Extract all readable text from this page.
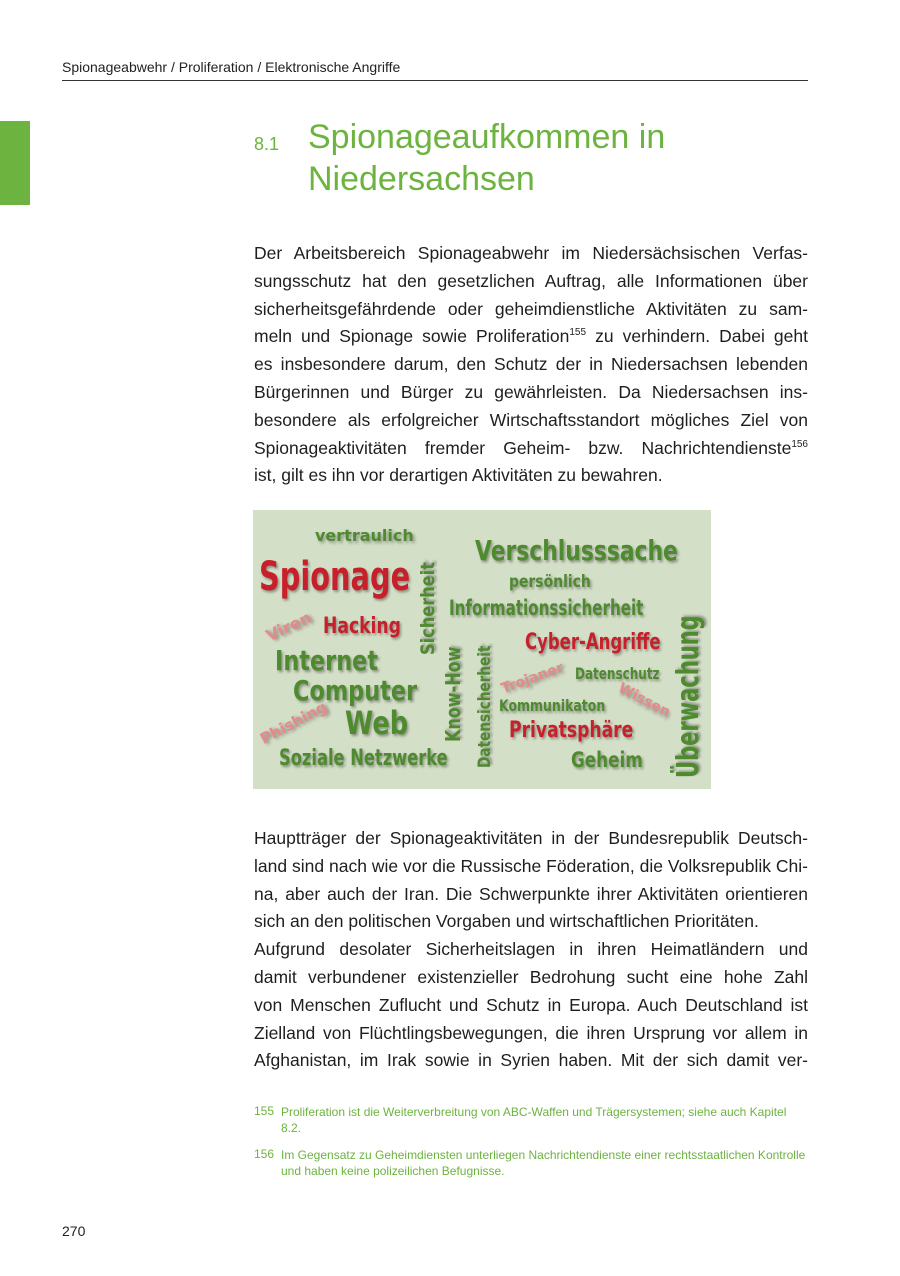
Spionageabwehr / Proliferation / Elektronische Angriffe
8.1 Spionageaufkommen in
Niedersachsen
Der Arbeitsbereich Spionageabwehr im Niedersächsischen Verfas-
sungsschutz hat den gesetzlichen Auftrag, alle Informationen über
sicherheitsgefährdende oder geheimdienstliche Aktivitäten zu sam-
meln und Spionage sowie Proliferation$^{155}$ zu verhindern. Dabei geht
es insbesondere darum, den Schutz der in Niedersachsen lebenden
Bürgerinnen und Bürger zu gewährleisten. Da Niedersachsen ins-
besondere als erfolgreicher Wirtschaftsstandort mögliches Ziel von
Spionageaktivitäten fremder Geheim- bzw. Nachrichtendienste$^{156}$
ist, gilt es ihn vor derartigen Aktivitäten zu bewahren.
vertraulich Verschlusssache
Spionage Sicherheit	persönlich
Informationssicherheit
Überwachung
Viren Hacking
Cyber-Angriffe
Internet	Know-How Datensicherheit	Datenschutz
Trojaner
Computer	Kommunikaton Wissen
Phishing Web	Privatsphäre
Soziale Netzwerke	Geheim
Hauptträger der Spionageaktivitäten in der Bundesrepublik Deutsch-
land sind nach wie vor die Russische Föderation, die Volksrepublik Chi-
na, aber auch der Iran. Die Schwerpunkte ihrer Aktivitäten orientieren
sich an den politischen Vorgaben und wirtschaftlichen Prioritäten.
Aufgrund desolater Sicherheitslagen in ihren Heimatländern und
damit verbundener existenzieller Bedrohung sucht eine hohe Zahl
von Menschen Zuflucht und Schutz in Europa. Auch Deutschland ist
Zielland von Flüchtlingsbewegungen, die ihren Ursprung vor allem in
Afghanistan, im Irak sowie in Syrien haben. Mit der sich damit ver-
155 Proliferation ist die Weiterverbreitung von ABC-Waffen und Trägersystemen; siehe auch Kapitel 8.2.
156 Im Gegensatz zu Geheimdiensten unterliegen Nachrichtendienste einer rechtsstaatlichen Kontrolle und haben keine polizeilichen Befugnisse.
270
